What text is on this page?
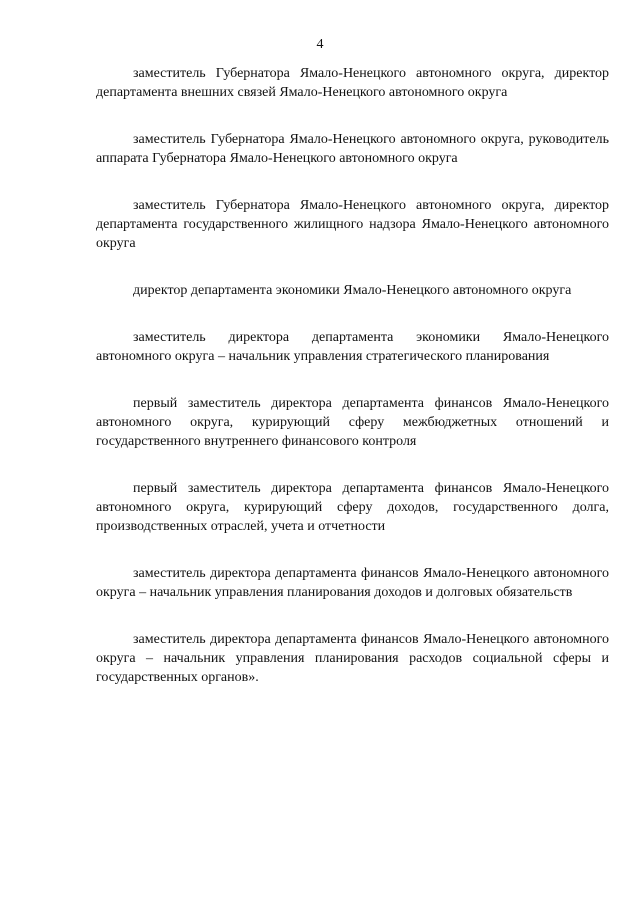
4

заместитель Губернатора Ямало-Ненецкого автономного округа, директор департамента внешних связей Ямало-Ненецкого автономного округа

заместитель Губернатора Ямало-Ненецкого автономного округа, руководитель аппарата Губернатора Ямало-Ненецкого автономного округа

заместитель Губернатора Ямало-Ненецкого автономного округа, директор департамента государственного жилищного надзора Ямало-Ненецкого автономного округа

директор департамента экономики Ямало-Ненецкого автономного округа

заместитель директора департамента экономики Ямало-Ненецкого автономного округа – начальник управления стратегического планирования

первый заместитель директора департамента финансов Ямало-Ненецкого автономного округа, курирующий сферу межбюджетных отношений и государственного внутреннего финансового контроля

первый заместитель директора департамента финансов Ямало-Ненецкого автономного округа, курирующий сферу доходов, государственного долга, производственных отраслей, учета и отчетности

заместитель директора департамента финансов Ямало-Ненецкого автономного округа – начальник управления планирования доходов и долговых обязательств

заместитель директора департамента финансов Ямало-Ненецкого автономного округа – начальник управления планирования расходов социальной сферы и государственных органов».
